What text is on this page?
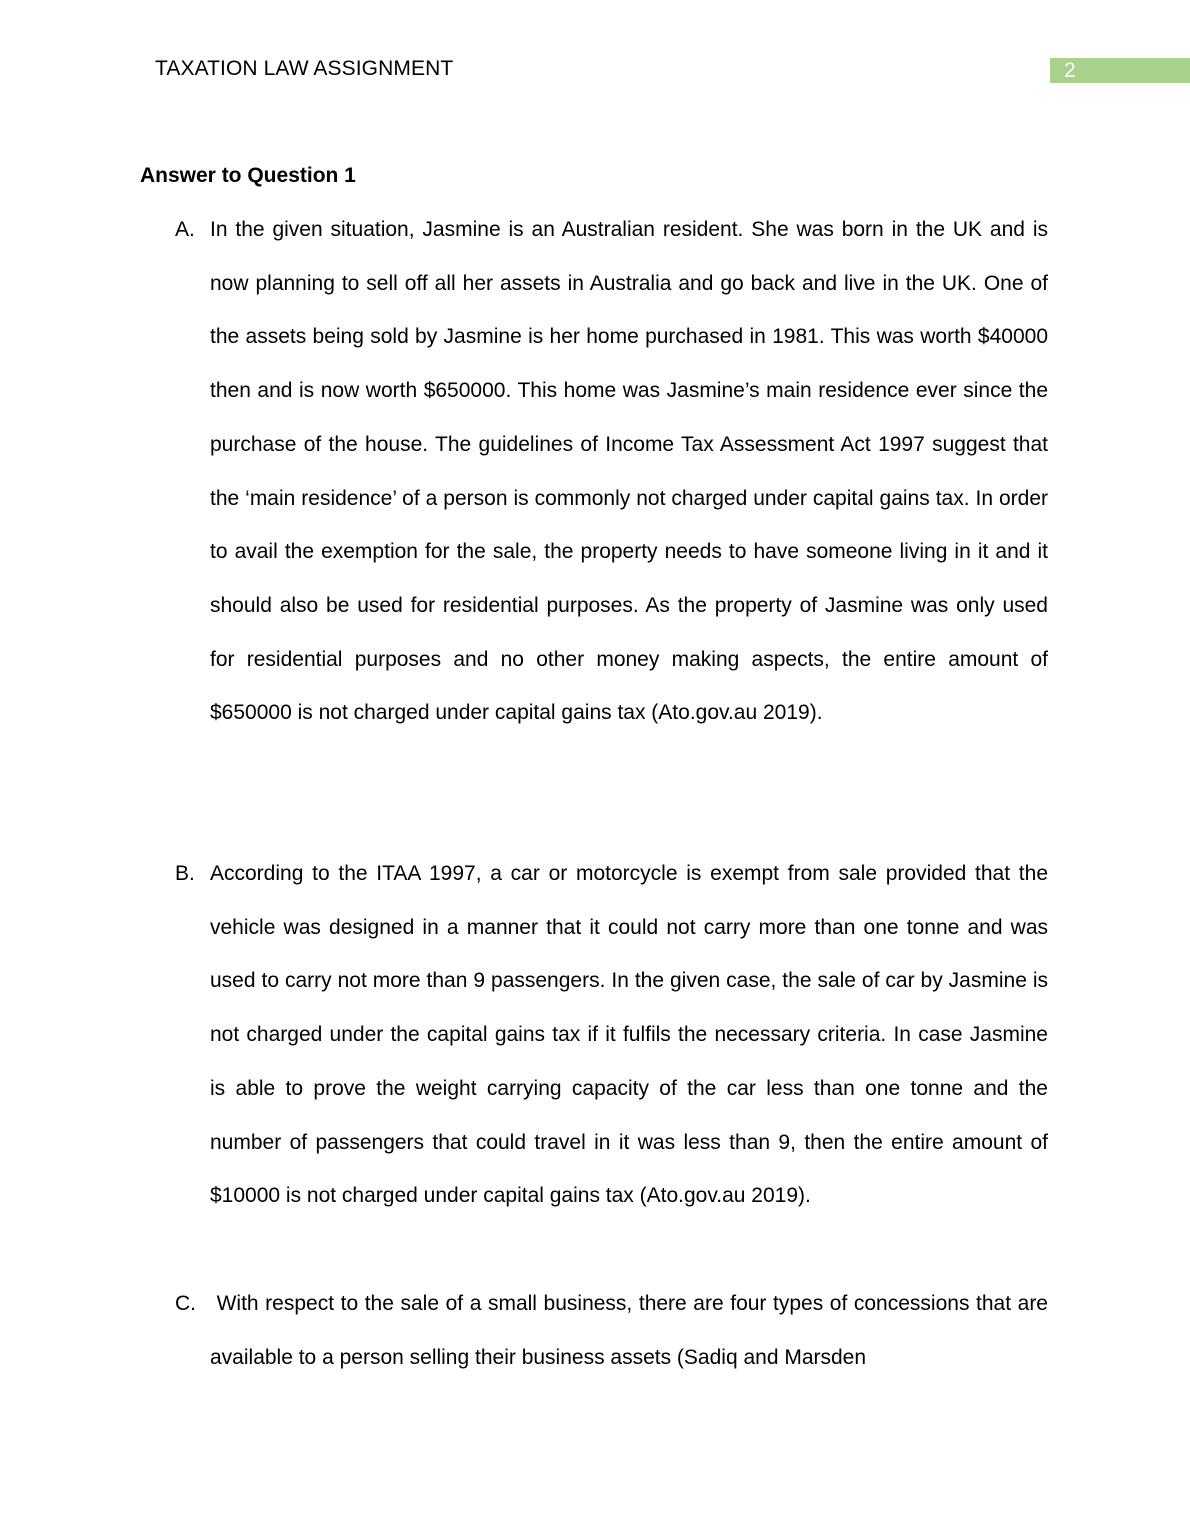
TAXATION LAW ASSIGNMENT	2
Answer to Question 1
A. In the given situation, Jasmine is an Australian resident. She was born in the UK and is now planning to sell off all her assets in Australia and go back and live in the UK. One of the assets being sold by Jasmine is her home purchased in 1981. This was worth $40000 then and is now worth $650000. This home was Jasmine’s main residence ever since the purchase of the house. The guidelines of Income Tax Assessment Act 1997 suggest that the ‘main residence’ of a person is commonly not charged under capital gains tax. In order to avail the exemption for the sale, the property needs to have someone living in it and it should also be used for residential purposes. As the property of Jasmine was only used for residential purposes and no other money making aspects, the entire amount of $650000 is not charged under capital gains tax (Ato.gov.au 2019).

B. According to the ITAA 1997, a car or motorcycle is exempt from sale provided that the vehicle was designed in a manner that it could not carry more than one tonne and was used to carry not more than 9 passengers. In the given case, the sale of car by Jasmine is not charged under the capital gains tax if it fulfils the necessary criteria. In case Jasmine is able to prove the weight carrying capacity of the car less than one tonne and the number of passengers that could travel in it was less than 9, then the entire amount of $10000 is not charged under capital gains tax (Ato.gov.au 2019).

C. With respect to the sale of a small business, there are four types of concessions that are available to a person selling their business assets (Sadiq and Marsden
